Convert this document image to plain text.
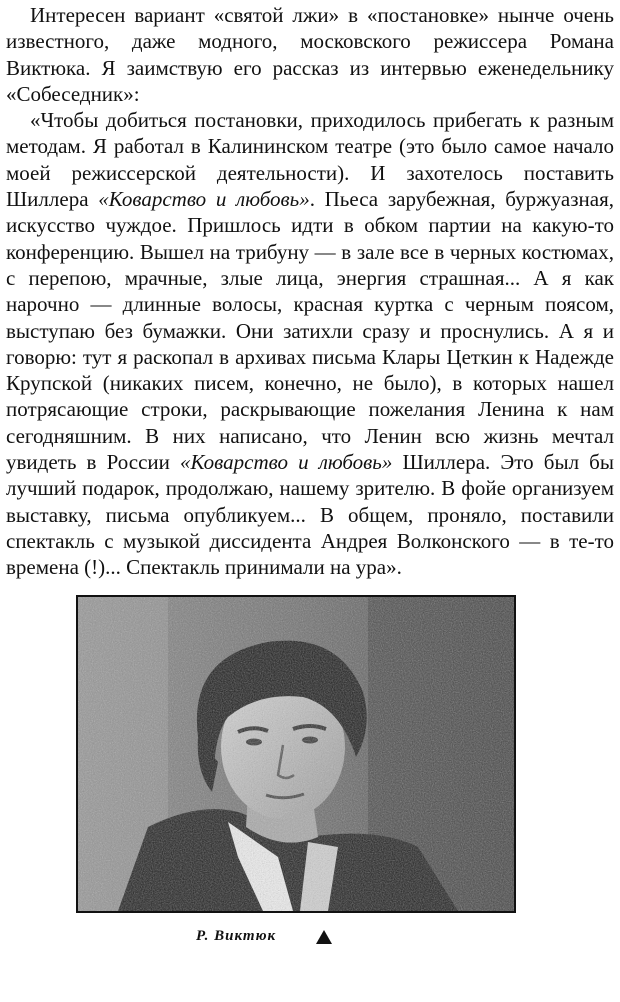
Интересен вариант «святой лжи» в «постановке» нынче очень известного, даже модного, московского режиссера Романа Виктюка. Я заимствую его рассказ из интервью еженедельнику «Собеседник»:

«Чтобы добиться постановки, приходилось прибегать к разным методам. Я работал в Калининском театре (это было самое начало моей режиссерской деятельности). И захотелось поставить Шиллера «Коварство и любовь». Пьеса зарубежная, буржуазная, искусство чуждое. Пришлось идти в обком партии на какую-то конференцию. Вышел на трибуну — в зале все в черных костюмах, с перепою, мрачные, злые лица, энергия страшная... А я как нарочно — длинные волосы, красная куртка с черным поясом, выступаю без бумажки. Они затихли сразу и проснулись. А я и говорю: тут я раскопал в архивах письма Клары Цеткин к Надежде Крупской (никаких писем, конечно, не было), в которых нашел потрясающие строки, раскрывающие пожелания Ленина к нам сегодняшним. В них написано, что Ленин всю жизнь мечтал увидеть в России «Коварство и любовь» Шиллера. Это был бы лучший подарок, продолжаю, нашему зрителю. В фойе организуем выставку, письма опубликуем... В общем, проняло, поставили спектакль с музыкой диссидента Андрея Волконского — в те-то времена (!)... Спектакль принимали на ура».

Р. Виктюк
